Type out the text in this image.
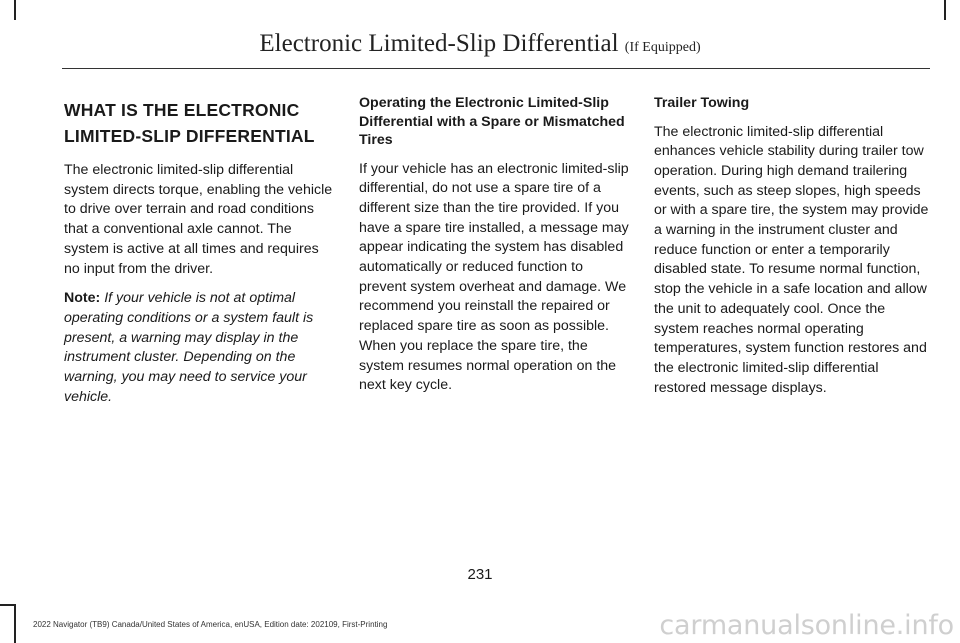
Electronic Limited-Slip Differential (If Equipped)
WHAT IS THE ELECTRONIC
LIMITED-SLIP DIFFERENTIAL

The electronic limited-slip differential system directs torque, enabling the vehicle to drive over terrain and road conditions that a conventional axle cannot. The system is active at all times and requires no input from the driver.

Note: If your vehicle is not at optimal operating conditions or a system fault is present, a warning may display in the instrument cluster. Depending on the warning, you may need to service your vehicle.

Operating the Electronic Limited-Slip Differential with a Spare or Mismatched Tires

If your vehicle has an electronic limited-slip differential, do not use a spare tire of a different size than the tire provided. If you have a spare tire installed, a message may appear indicating the system has disabled automatically or reduced function to prevent system overheat and damage. We recommend you reinstall the repaired or replaced spare tire as soon as possible. When you replace the spare tire, the system resumes normal operation on the next key cycle.

Trailer Towing

The electronic limited-slip differential enhances vehicle stability during trailer tow operation. During high demand trailering events, such as steep slopes, high speeds or with a spare tire, the system may provide a warning in the instrument cluster and reduce function or enter a temporarily disabled state. To resume normal function, stop the vehicle in a safe location and allow the unit to adequately cool. Once the system reaches normal operating temperatures, system function restores and the electronic limited-slip differential restored message displays.

231
2022 Navigator (TB9) Canada/United States of America, enUSA, Edition date: 202109, First-Printing	carmanualsonline.info
